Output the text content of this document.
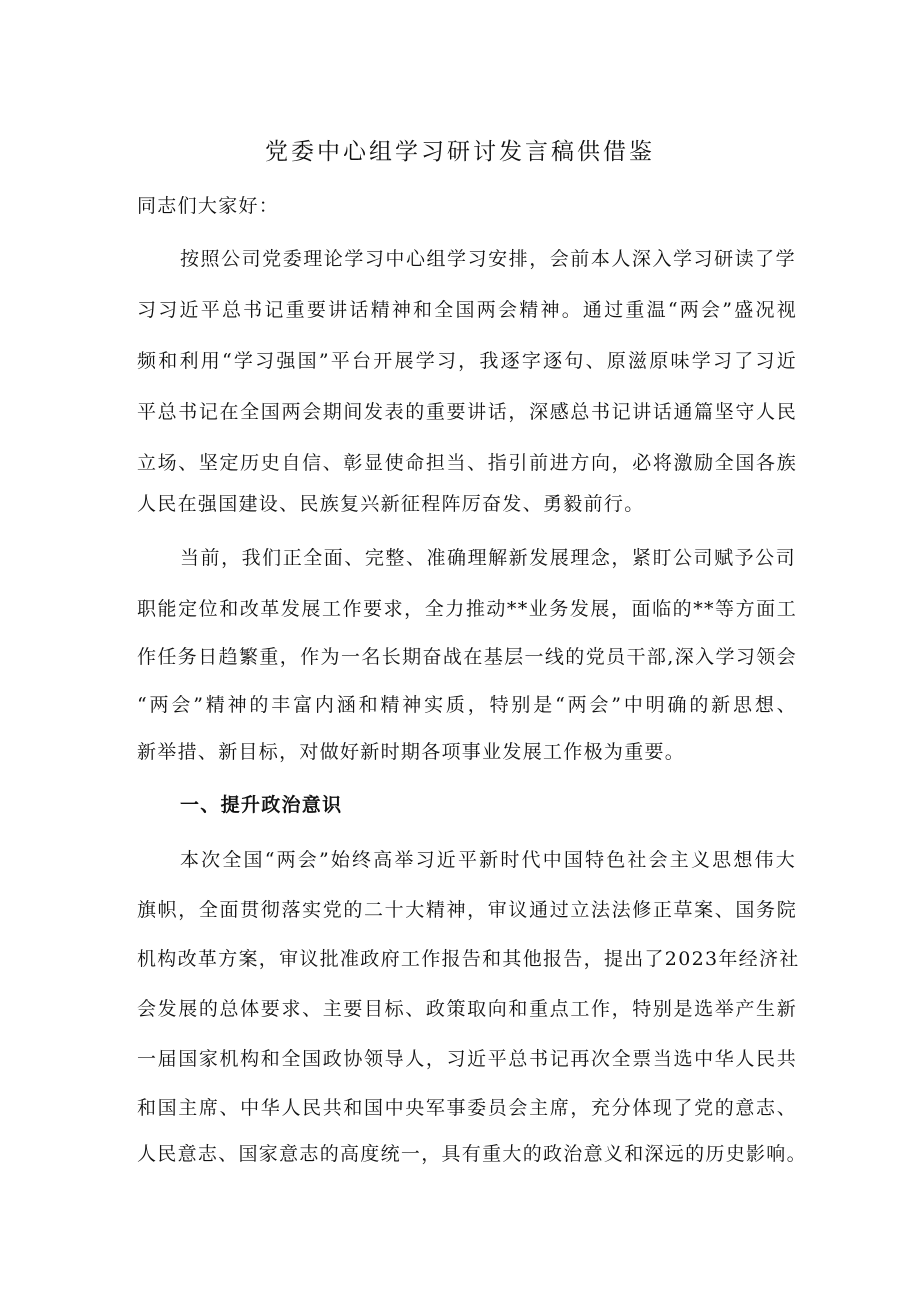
党委中心组学习研讨发言稿供借鉴
同志们大家好：
按照公司党委理论学习中心组学习安排，会前本人深入学习研读了学
习习近平总书记重要讲话精神和全国两会精神。通过重温“两会”盛况视
频和利用“学习强国”平台开展学习，我逐字逐句、原滋原味学习了习近
平总书记在全国两会期间发表的重要讲话，深感总书记讲话通篇坚守人民
立场、坚定历史自信、彰显使命担当、指引前进方向，必将激励全国各族
人民在强国建设、民族复兴新征程阵厉奋发、勇毅前行。
当前，我们正全面、完整、准确理解新发展理念，紧盯公司赋予公司
职能定位和改革发展工作要求，全力推动**业务发展，面临的**等方面工
作任务日趋繁重，作为一名长期奋战在基层一线的党员干部,深入学习领会
“两会”精神的丰富内涵和精神实质，特别是“两会”中明确的新思想、
新举措、新目标，对做好新时期各项事业发展工作极为重要。
一、提升政治意识
本次全国“两会”始终高举习近平新时代中国特色社会主义思想伟大
旗帜，全面贯彻落实党的二十大精神，审议通过立法法修正草案、国务院
机构改革方案，审议批准政府工作报告和其他报告，提出了2023年经济社
会发展的总体要求、主要目标、政策取向和重点工作，特别是选举产生新
一届国家机构和全国政协领导人，习近平总书记再次全票当选中华人民共
和国主席、中华人民共和国中央军事委员会主席，充分体现了党的意志、
人民意志、国家意志的高度统一，具有重大的政治意义和深远的历史影响。
